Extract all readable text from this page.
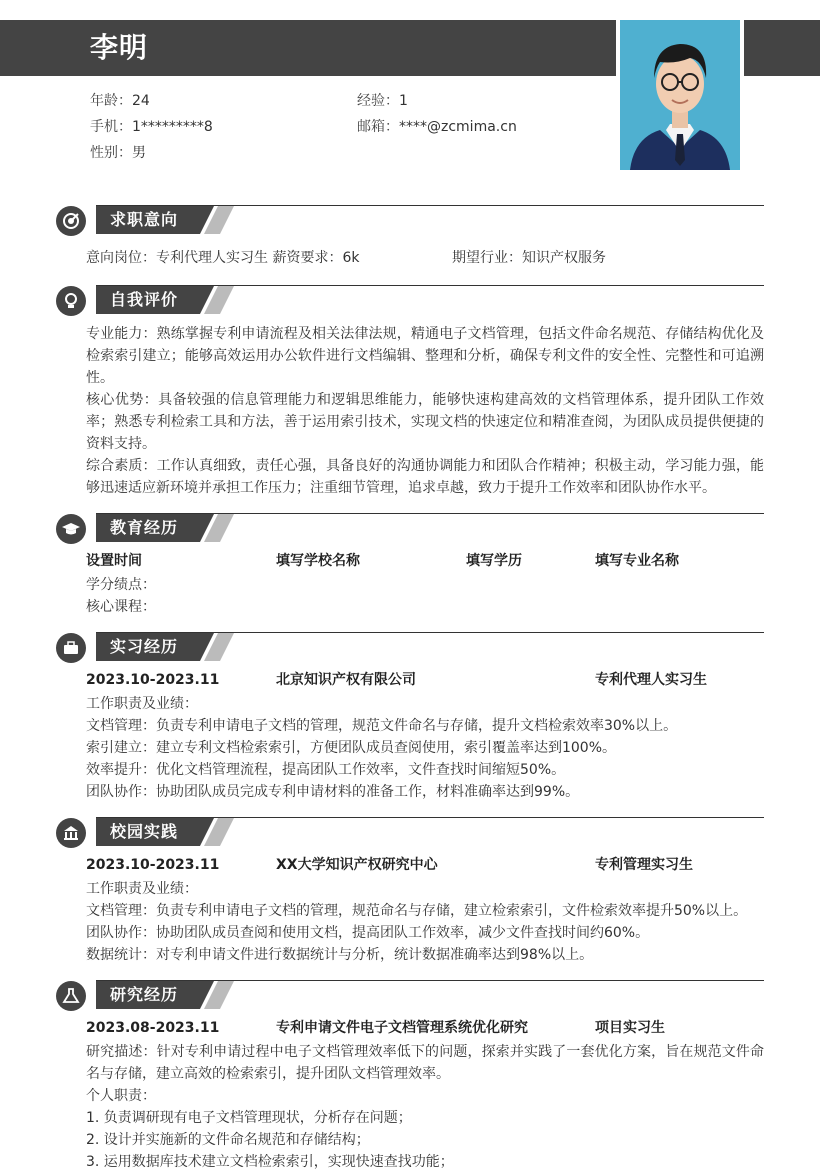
李明
年龄：24	经验：1
手机：1*********8	邮箱：****@zcmima.cn
性别：男
求职意向
意向岗位：专利代理人实习生 薪资要求：6k	期望行业：知识产权服务
自我评价
专业能力：熟练掌握专利申请流程及相关法律法规，精通电子文档管理，包括文件命名规范、存储结构优化及检索索引建立；能够高效运用办公软件进行文档编辑、整理和分析，确保专利文件的安全性、完整性和可追溯性。
核心优势：具备较强的信息管理能力和逻辑思维能力，能够快速构建高效的文档管理体系，提升团队工作效率；熟悉专利检索工具和方法，善于运用索引技术，实现文档的快速定位和精准查阅，为团队成员提供便捷的资料支持。
综合素质：工作认真细致，责任心强，具备良好的沟通协调能力和团队合作精神；积极主动，学习能力强，能够迅速适应新环境并承担工作压力；注重细节管理，追求卓越，致力于提升工作效率和团队协作水平。
教育经历
设置时间	填写学校名称	填写学历	填写专业名称
学分绩点：
核心课程：
实习经历
2023.10-2023.11	北京知识产权有限公司	专利代理人实习生
工作职责及业绩：
文档管理：负责专利申请电子文档的管理，规范文件命名与存储，提升文档检索效率30%以上。
索引建立：建立专利文档检索索引，方便团队成员查阅使用，索引覆盖率达到100%。
效率提升：优化文档管理流程，提高团队工作效率，文件查找时间缩短50%。
团队协作：协助团队成员完成专利申请材料的准备工作，材料准确率达到99%。
校园实践
2023.10-2023.11	XX大学知识产权研究中心	专利管理实习生
工作职责及业绩：
文档管理：负责专利申请电子文档的管理，规范命名与存储，建立检索索引，文件检索效率提升50%以上。
团队协作：协助团队成员查阅和使用文档，提高团队工作效率，减少文件查找时间约60%。
数据统计：对专利申请文件进行数据统计与分析，统计数据准确率达到98%以上。
研究经历
2023.08-2023.11	专利申请文件电子文档管理系统优化研究	项目实习生
研究描述：针对专利申请过程中电子文档管理效率低下的问题，探索并实践了一套优化方案，旨在规范文件命名与存储，建立高效的检索索引，提升团队文档管理效率。
个人职责：
1. 负责调研现有电子文档管理现状，分析存在问题；
2. 设计并实施新的文件命名规范和存储结构；
3. 运用数据库技术建立文档检索索引，实现快速查找功能；
